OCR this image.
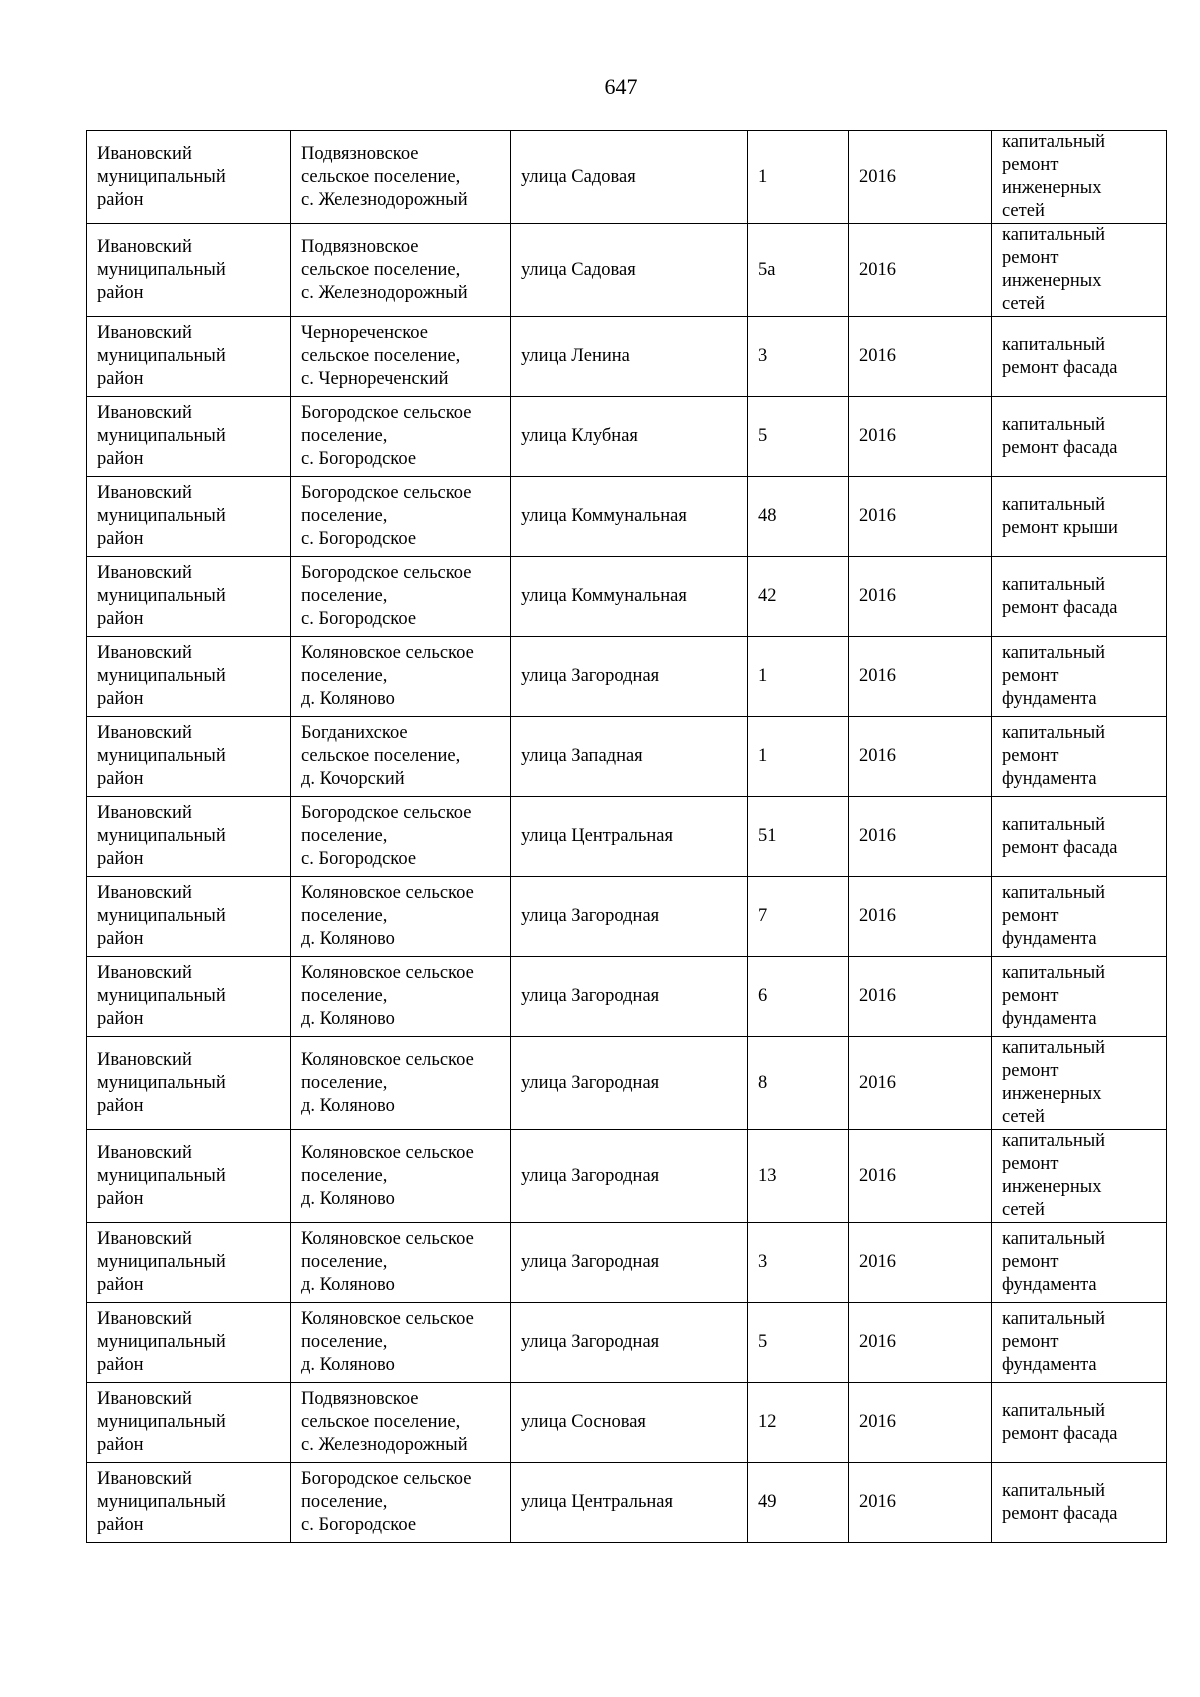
647
Ивановский
муниципальный
район	Подвязновское
сельское поселение,
с. Железнодорожный	улица Садовая	1	2016	капитальный
ремонт
инженерных
сетей
Ивановский
муниципальный
район	Подвязновское
сельское поселение,
с. Железнодорожный	улица Садовая	5а	2016	капитальный
ремонт
инженерных
сетей
Ивановский
муниципальный
район	Чернореченское
сельское поселение,
с. Чернореченский	улица Ленина	3	2016	капитальный
ремонт фасада
Ивановский
муниципальный
район	Богородское сельское
поселение,
с. Богородское	улица Клубная	5	2016	капитальный
ремонт фасада
Ивановский
муниципальный
район	Богородское сельское
поселение,
с. Богородское	улица Коммунальная	48	2016	капитальный
ремонт крыши
Ивановский
муниципальный
район	Богородское сельское
поселение,
с. Богородское	улица Коммунальная	42	2016	капитальный
ремонт фасада
Ивановский
муниципальный
район	Коляновское сельское
поселение,
д. Коляново	улица Загородная	1	2016	капитальный
ремонт
фундамента
Ивановский
муниципальный
район	Богданихское
сельское поселение,
д. Кочорский	улица Западная	1	2016	капитальный
ремонт
фундамента
Ивановский
муниципальный
район	Богородское сельское
поселение,
с. Богородское	улица Центральная	51	2016	капитальный
ремонт фасада
Ивановский
муниципальный
район	Коляновское сельское
поселение,
д. Коляново	улица Загородная	7	2016	капитальный
ремонт
фундамента
Ивановский
муниципальный
район	Коляновское сельское
поселение,
д. Коляново	улица Загородная	6	2016	капитальный
ремонт
фундамента
Ивановский
муниципальный
район	Коляновское сельское
поселение,
д. Коляново	улица Загородная	8	2016	капитальный
ремонт
инженерных
сетей
Ивановский
муниципальный
район	Коляновское сельское
поселение,
д. Коляново	улица Загородная	13	2016	капитальный
ремонт
инженерных
сетей
Ивановский
муниципальный
район	Коляновское сельское
поселение,
д. Коляново	улица Загородная	3	2016	капитальный
ремонт
фундамента
Ивановский
муниципальный
район	Коляновское сельское
поселение,
д. Коляново	улица Загородная	5	2016	капитальный
ремонт
фундамента
Ивановский
муниципальный
район	Подвязновское
сельское поселение,
с. Железнодорожный	улица Сосновая	12	2016	капитальный
ремонт фасада
Ивановский
муниципальный
район	Богородское сельское
поселение,
с. Богородское	улица Центральная	49	2016	капитальный
ремонт фасада
